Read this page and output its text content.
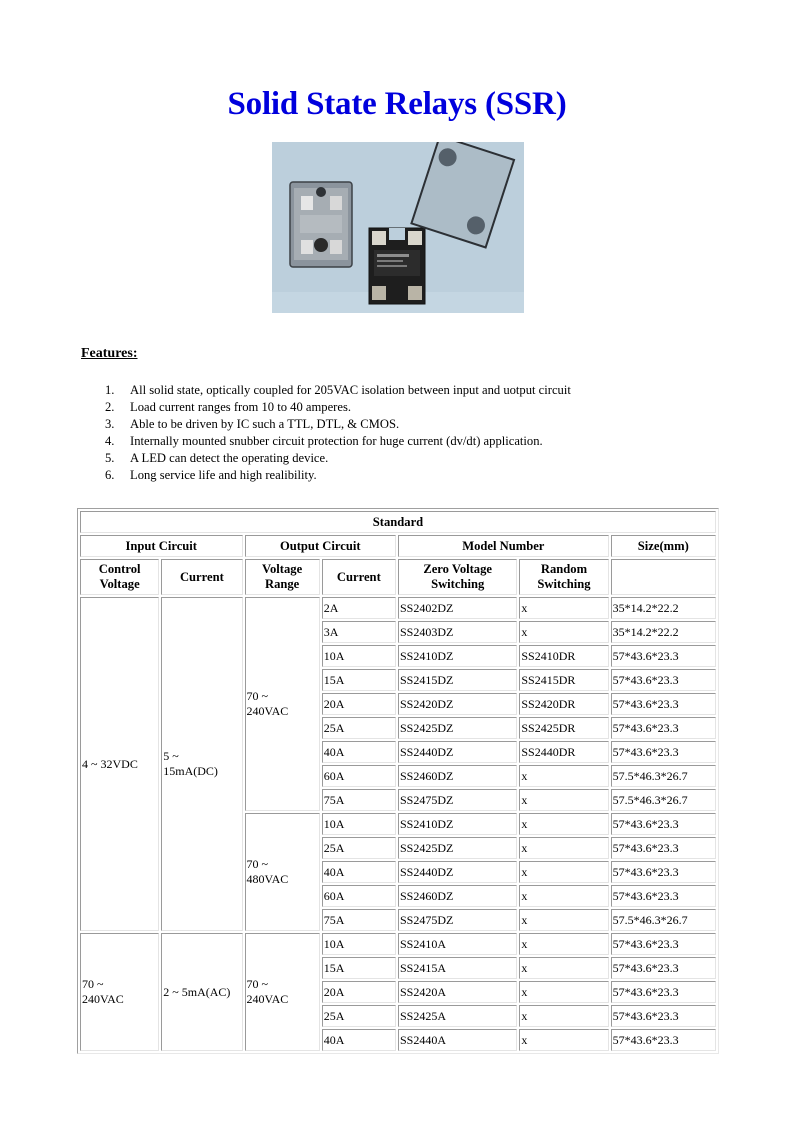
Solid State Relays (SSR)
Features:
1. All solid state, optically coupled for 205VAC isolation between input and uotput circuit
2. Load current ranges from 10 to 40 amperes.
3. Able to be driven by IC such a TTL, DTL, & CMOS.
4. Internally mounted snubber circuit protection for huge current (dv/dt) application.
5. A LED can detect the operating device.
6. Long service life and high realibility.
Standard						
Input Circuit		Output Circuit		Model Number		Size(mm)
Control Voltage	Current	Voltage Range	Current	Zero Voltage Switching	Random Switching	
4 ~ 32VDC	5 ~ 15mA(DC)	70 ~ 240VAC	2A	SS2402DZ	x	35*14.2*22.2
			3A	SS2403DZ	x	35*14.2*22.2
			10A	SS2410DZ	SS2410DR	57*43.6*23.3
			15A	SS2415DZ	SS2415DR	57*43.6*23.3
			20A	SS2420DZ	SS2420DR	57*43.6*23.3
			25A	SS2425DZ	SS2425DR	57*43.6*23.3
			40A	SS2440DZ	SS2440DR	57*43.6*23.3
			60A	SS2460DZ	x	57.5*46.3*26.7
			75A	SS2475DZ	x	57.5*46.3*26.7
		70 ~ 480VAC	10A	SS2410DZ	x	57*43.6*23.3
			25A	SS2425DZ	x	57*43.6*23.3
			40A	SS2440DZ	x	57*43.6*23.3
			60A	SS2460DZ	x	57*43.6*23.3
			75A	SS2475DZ	x	57.5*46.3*26.7
70 ~ 240VAC	2 ~ 5mA(AC)	70 ~ 240VAC	10A	SS2410A	x	57*43.6*23.3
			15A	SS2415A	x	57*43.6*23.3
			20A	SS2420A	x	57*43.6*23.3
			25A	SS2425A	x	57*43.6*23.3
			40A	SS2440A	x	57*43.6*23.3
